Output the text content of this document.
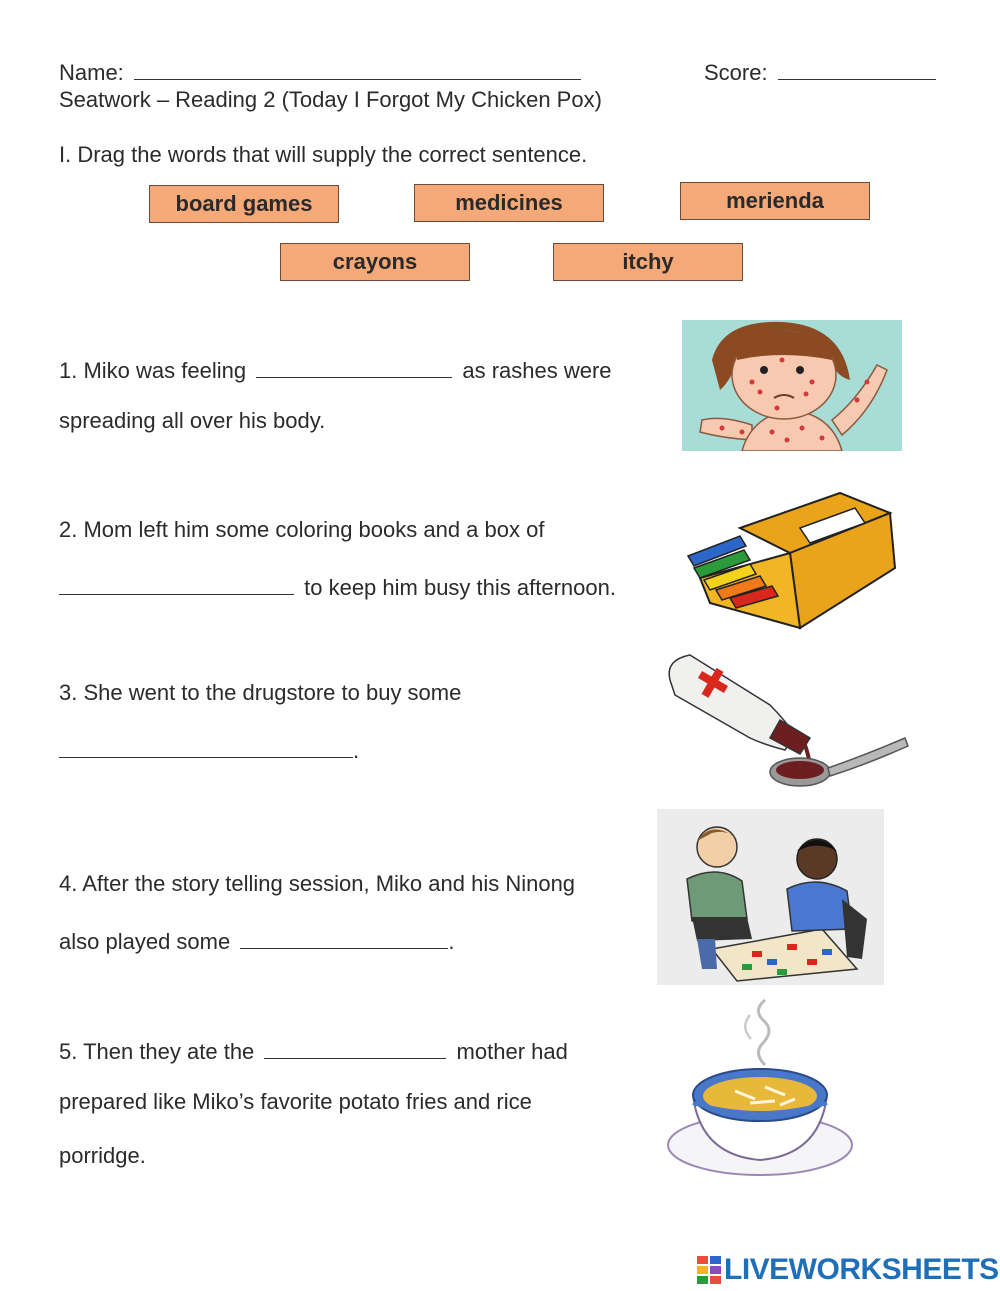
Name:	Score:
Seatwork – Reading 2 (Today I Forgot My Chicken Pox)
I. Drag the words that will supply the correct sentence.
board games	medicines	merienda
crayons	itchy
1. Miko was feeling	as rashes were
spreading all over his body.
2. Mom left him some coloring books and a box of
to keep him busy this afternoon.
3. She went to the drugstore to buy some
.
4. After the story telling session, Miko and his Ninong
also played some	.
5. Then they ate the	mother had
prepared like Miko’s favorite potato fries and rice
porridge.
LIVEWORKSHEETS
